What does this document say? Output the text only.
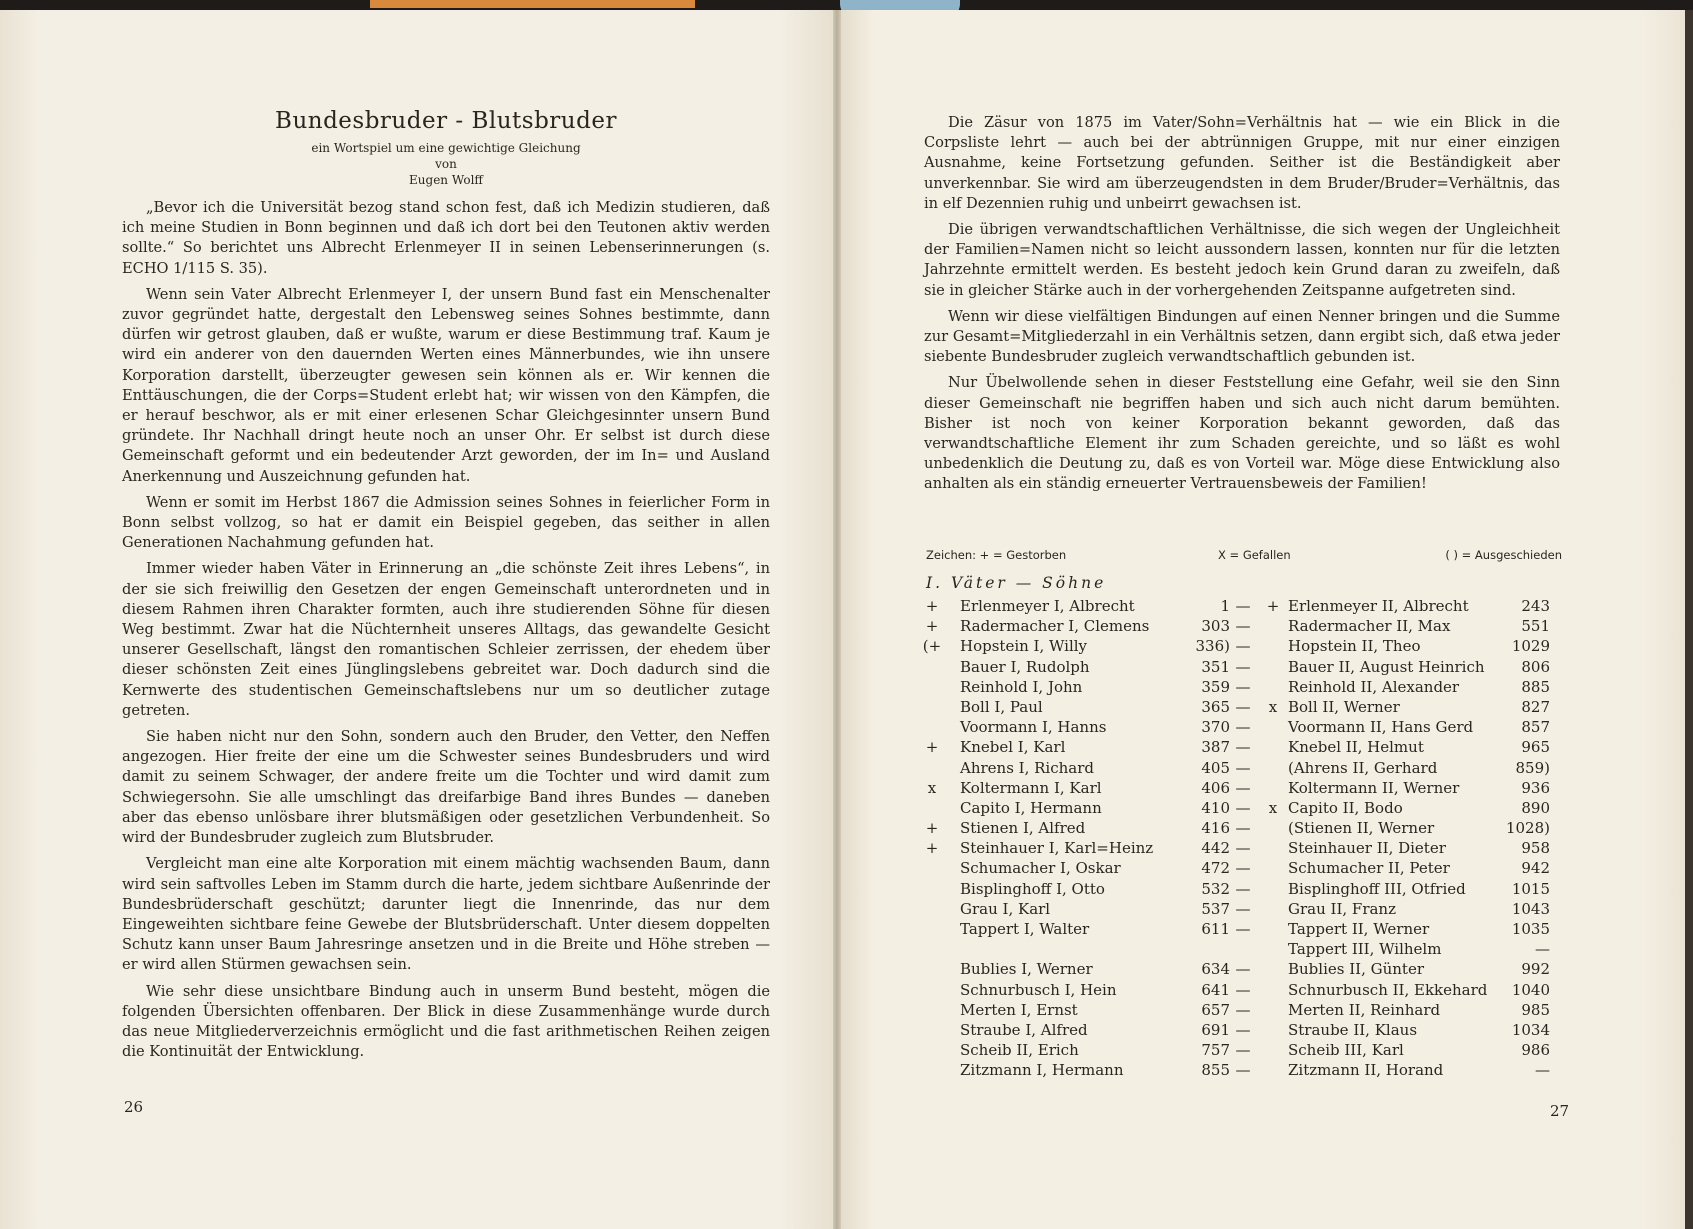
Bundesbruder - Blutsbruder
ein Wortspiel um eine gewichtige Gleichung
von
Eugen Wolff

„Bevor ich die Universität bezog stand schon fest, daß ich Medizin studieren, daß ich meine Studien in Bonn beginnen und daß ich dort bei den Teutonen aktiv werden sollte.“ So berichtet uns Albrecht Erlenmeyer II in seinen Lebenserinnerungen (s. ECHO 1/115 S. 35).

Wenn sein Vater Albrecht Erlenmeyer I, der unsern Bund fast ein Menschenalter zuvor gegründet hatte, dergestalt den Lebensweg seines Sohnes bestimmte, dann dürfen wir getrost glauben, daß er wußte, warum er diese Bestimmung traf. Kaum je wird ein anderer von den dauernden Werten eines Männerbundes, wie ihn unsere Korporation darstellt, überzeugter gewesen sein können als er. Wir kennen die Enttäuschungen, die der Corps=Student erlebt hat; wir wissen von den Kämpfen, die er herauf beschwor, als er mit einer erlesenen Schar Gleichgesinnter unsern Bund gründete. Ihr Nachhall dringt heute noch an unser Ohr. Er selbst ist durch diese Gemeinschaft geformt und ein bedeutender Arzt geworden, der im In= und Ausland Anerkennung und Auszeichnung gefunden hat.

Wenn er somit im Herbst 1867 die Admission seines Sohnes in feierlicher Form in Bonn selbst vollzog, so hat er damit ein Beispiel gegeben, das seither in allen Generationen Nachahmung gefunden hat.

Immer wieder haben Väter in Erinnerung an „die schönste Zeit ihres Lebens“, in der sie sich freiwillig den Gesetzen der engen Gemeinschaft unterordneten und in diesem Rahmen ihren Charakter formten, auch ihre studierenden Söhne für diesen Weg bestimmt. Zwar hat die Nüchternheit unseres Alltags, das gewandelte Gesicht unserer Gesellschaft, längst den romantischen Schleier zerrissen, der ehedem über dieser schönsten Zeit eines Jünglingslebens gebreitet war. Doch dadurch sind die Kernwerte des studentischen Gemeinschaftslebens nur um so deutlicher zutage getreten.

Sie haben nicht nur den Sohn, sondern auch den Bruder, den Vetter, den Neffen angezogen. Hier freite der eine um die Schwester seines Bundesbruders und wird damit zu seinem Schwager, der andere freite um die Tochter und wird damit zum Schwiegersohn. Sie alle umschlingt das dreifarbige Band ihres Bundes — daneben aber das ebenso unlösbare ihrer blutsmäßigen oder gesetzlichen Verbundenheit. So wird der Bundesbruder zugleich zum Blutsbruder.

Vergleicht man eine alte Korporation mit einem mächtig wachsenden Baum, dann wird sein saftvolles Leben im Stamm durch die harte, jedem sichtbare Außenrinde der Bundesbrüderschaft geschützt; darunter liegt die Innenrinde, das nur dem Eingeweihten sichtbare feine Gewebe der Blutsbrüderschaft. Unter diesem doppelten Schutz kann unser Baum Jahresringe ansetzen und in die Breite und Höhe streben — er wird allen Stürmen gewachsen sein.

Wie sehr diese unsichtbare Bindung auch in unserm Bund besteht, mögen die folgenden Übersichten offenbaren. Der Blick in diese Zusammenhänge wurde durch das neue Mitgliederverzeichnis ermöglicht und die fast arithmetischen Reihen zeigen die Kontinuität der Entwicklung.

26

Die Zäsur von 1875 im Vater/Sohn=Verhältnis hat — wie ein Blick in die Corpsliste lehrt — auch bei der abtrünnigen Gruppe, mit nur einer einzigen Ausnahme, keine Fortsetzung gefunden. Seither ist die Beständigkeit aber unverkennbar. Sie wird am überzeugendsten in dem Bruder/Bruder=Verhältnis, das in elf Dezennien ruhig und unbeirrt gewachsen ist.

Die übrigen verwandtschaftlichen Verhältnisse, die sich wegen der Ungleichheit der Familien=Namen nicht so leicht aussondern lassen, konnten nur für die letzten Jahrzehnte ermittelt werden. Es besteht jedoch kein Grund daran zu zweifeln, daß sie in gleicher Stärke auch in der vorhergehenden Zeitspanne aufgetreten sind.

Wenn wir diese vielfältigen Bindungen auf einen Nenner bringen und die Summe zur Gesamt=Mitgliederzahl in ein Verhältnis setzen, dann ergibt sich, daß etwa jeder siebente Bundesbruder zugleich verwandtschaftlich gebunden ist.

Nur Übelwollende sehen in dieser Feststellung eine Gefahr, weil sie den Sinn dieser Gemeinschaft nie begriffen haben und sich auch nicht darum bemühten. Bisher ist noch von keiner Korporation bekannt geworden, daß das verwandtschaftliche Element ihr zum Schaden gereichte, und so läßt es wohl unbedenklich die Deutung zu, daß es von Vorteil war. Möge diese Entwicklung also anhalten als ein ständig erneuerter Vertrauensbeweis der Familien!

Zeichen: + = Gestorben	X = Gefallen	( ) = Ausgeschieden
I. Väter — Söhne
+ Erlenmeyer I, Albrecht	1 —	+ Erlenmeyer II, Albrecht	243
+ Radermacher I, Clemens	303 —	Radermacher II, Max	551
(+ Hopstein I, Willy	336) —	Hopstein II, Theo	1029
Bauer I, Rudolph	351 —	Bauer II, August Heinrich	806
Reinhold I, John	359 —	Reinhold II, Alexander	885
Boll I, Paul	365 —	x Boll II, Werner	827
Voormann I, Hanns	370 —	Voormann II, Hans Gerd	857
+ Knebel I, Karl	387 —	Knebel II, Helmut	965
Ahrens I, Richard	405 —	(Ahrens II, Gerhard	859)
x	Koltermann I, Karl	406 —	Koltermann II, Werner	936
Capito I, Hermann	410 —	x Capito II, Bodo	890
+ Stienen I, Alfred	416 —	(Stienen II, Werner	1028)
+ Steinhauer I, Karl=Heinz	442 —	Steinhauer II, Dieter	958
Schumacher I, Oskar	472 —	Schumacher II, Peter	942
Bisplinghoff I, Otto	532 —	Bisplinghoff III, Otfried	1015
Grau I, Karl	537 —	Grau II, Franz	1043
Tappert I, Walter	611 —	Tappert II, Werner	1035
Tappert III, Wilhelm	—
Bublies I, Werner	634 —	Bublies II, Günter	992
Schnurbusch I, Hein	641 —	Schnurbusch II, Ekkehard	1040
Merten I, Ernst	657 —	Merten II, Reinhard	985
Straube I, Alfred	691 —	Straube II, Klaus	1034
Scheib II, Erich	757 —	Scheib III, Karl	986
Zitzmann I, Hermann	855 —	Zitzmann II, Horand	—
27
